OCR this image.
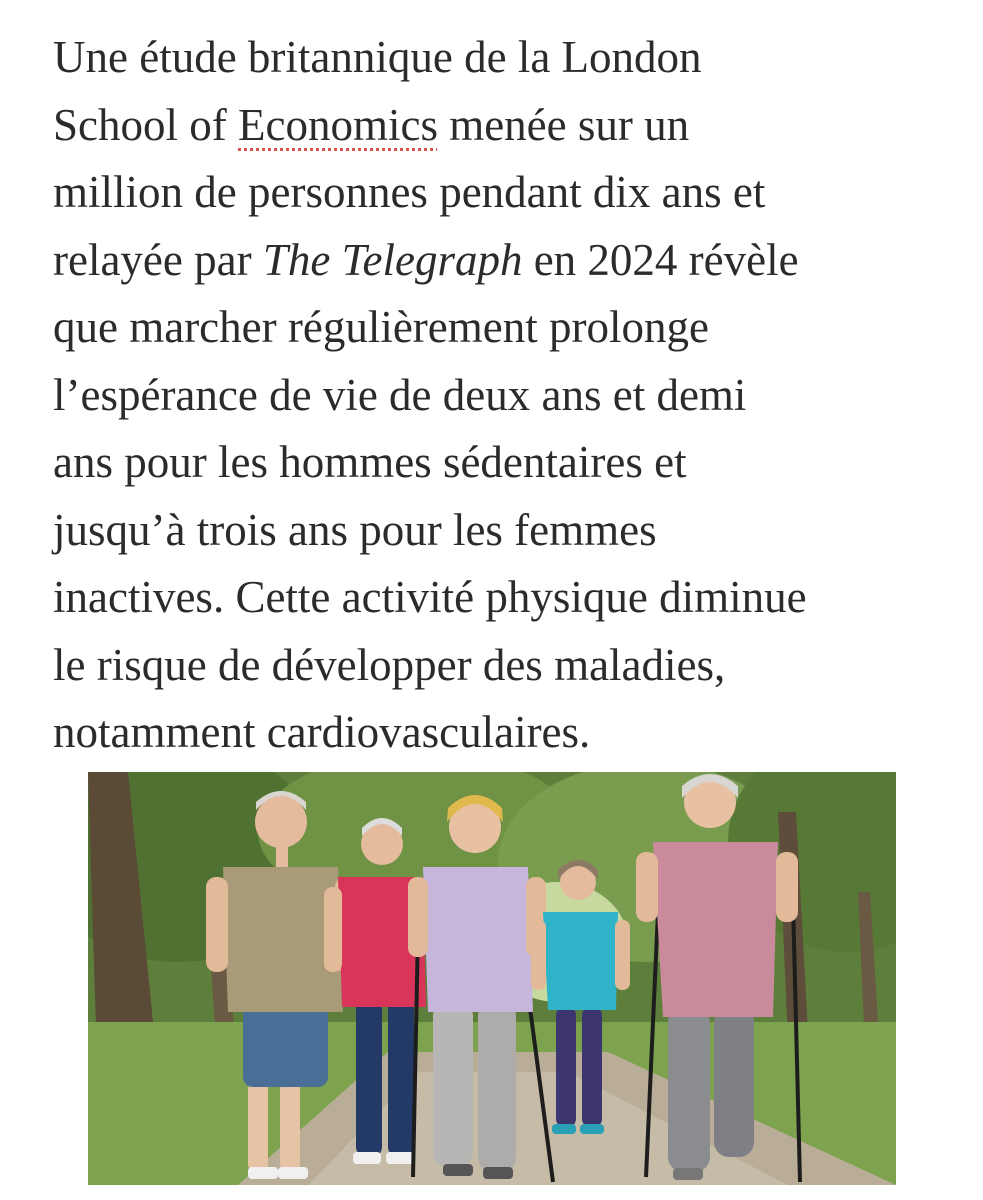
Une étude britannique de la London
School of Economics menée sur un
million de personnes pendant dix ans et
relayée par The Telegraph en 2024 révèle
que marcher régulièrement prolonge
l’espérance de vie de deux ans et demi
ans pour les hommes sédentaires et
jusqu’à trois ans pour les femmes
inactives. Cette activité physique diminue
le risque de développer des maladies,
notamment cardiovasculaires.
